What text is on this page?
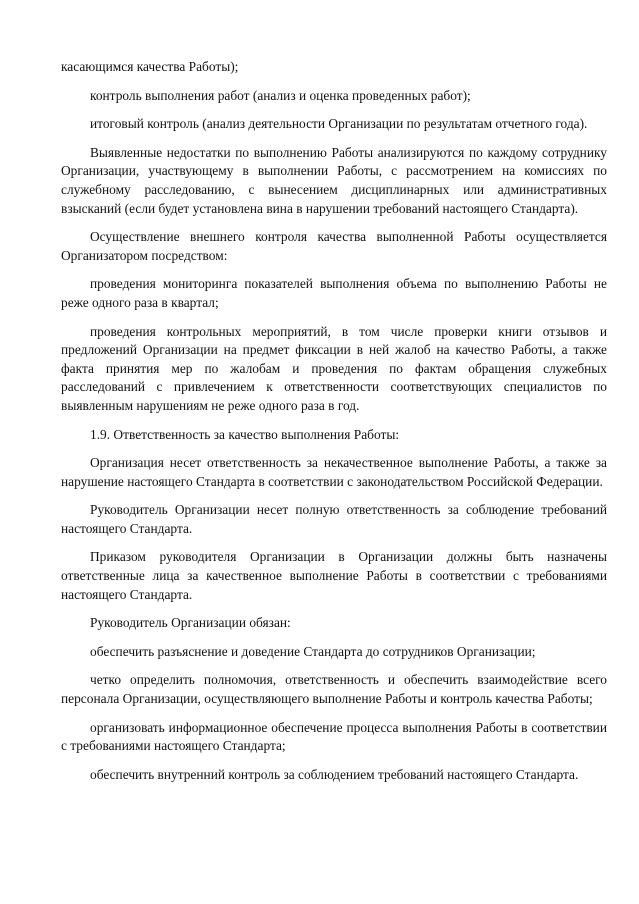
касающимся качества Работы);

контроль выполнения работ (анализ и оценка проведенных работ);

итоговый контроль (анализ деятельности Организации по результатам отчетного года).

Выявленные недостатки по выполнению Работы анализируются по каждому сотруднику Организации, участвующему в выполнении Работы, с рассмотрением на комиссиях по служебному расследованию, с вынесением дисциплинарных или административных взысканий (если будет установлена вина в нарушении требований настоящего Стандарта).

Осуществление внешнего контроля качества выполненной Работы осуществляется Организатором посредством:

проведения мониторинга показателей выполнения объема по выполнению Работы не реже одного раза в квартал;

проведения контрольных мероприятий, в том числе проверки книги отзывов и предложений Организации на предмет фиксации в ней жалоб на качество Работы, а также факта принятия мер по жалобам и проведения по фактам обращения служебных расследований с привлечением к ответственности соответствующих специалистов по выявленным нарушениям не реже одного раза в год.

1.9. Ответственность за качество выполнения Работы:

Организация несет ответственность за некачественное выполнение Работы, а также за нарушение настоящего Стандарта в соответствии с законодательством Российской Федерации.

Руководитель Организации несет полную ответственность за соблюдение требований настоящего Стандарта.

Приказом руководителя Организации в Организации должны быть назначены ответственные лица за качественное выполнение Работы в соответствии с требованиями настоящего Стандарта.

Руководитель Организации обязан:

обеспечить разъяснение и доведение Стандарта до сотрудников Организации;

четко определить полномочия, ответственность и обеспечить взаимодействие всего персонала Организации, осуществляющего выполнение Работы и контроль качества Работы;

организовать информационное обеспечение процесса выполнения Работы в соответствии с требованиями настоящего Стандарта;

обеспечить внутренний контроль за соблюдением требований настоящего Стандарта.
